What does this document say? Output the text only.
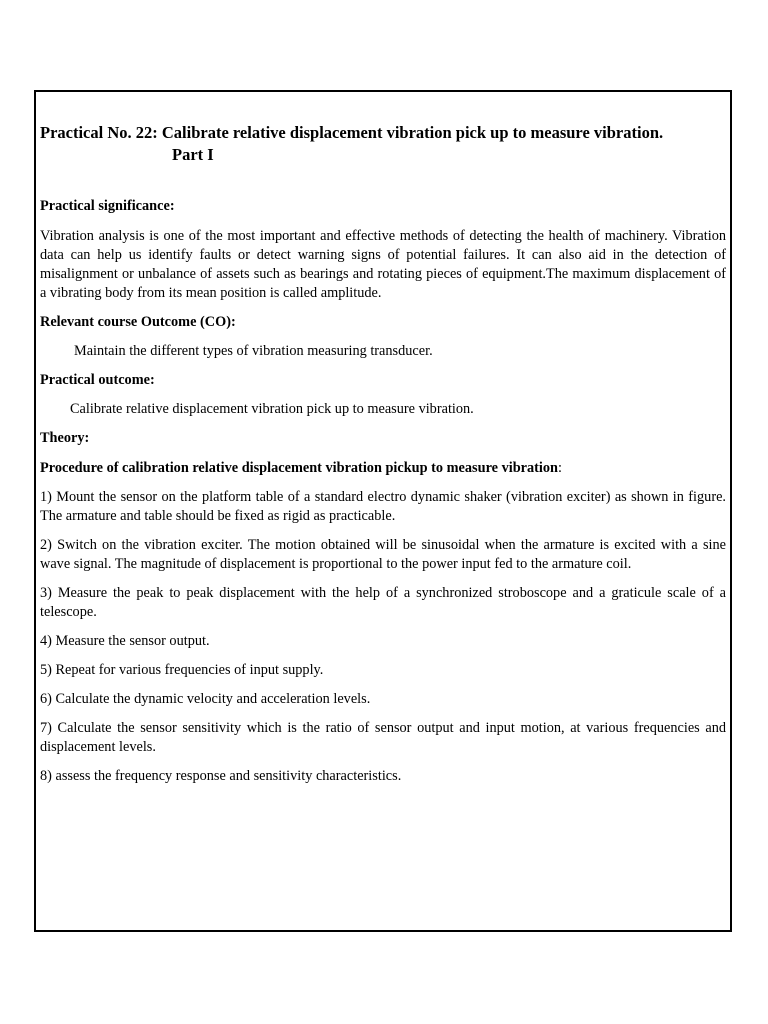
Practical No. 22: Calibrate relative displacement vibration pick up to measure vibration.
Part I

Practical significance:

Vibration analysis is one of the most important and effective methods of detecting the health of machinery. Vibration data can help us identify faults or detect warning signs of potential failures. It can also aid in the detection of misalignment or unbalance of assets such as bearings and rotating pieces of equipment.The maximum displacement of a vibrating body from its mean position is called amplitude.

Relevant course Outcome (CO):

Maintain the different types of vibration measuring transducer.

Practical outcome:

Calibrate relative displacement vibration pick up to measure vibration.

Theory:

Procedure of calibration relative displacement vibration pickup to measure vibration:

1) Mount the sensor on the platform table of a standard electro dynamic shaker (vibration exciter) as shown in figure. The armature and table should be fixed as rigid as practicable.

2) Switch on the vibration exciter. The motion obtained will be sinusoidal when the armature is excited with a sine wave signal. The magnitude of displacement is proportional to the power input fed to the armature coil.

3) Measure the peak to peak displacement with the help of a synchronized stroboscope and a graticule scale of a telescope.

4) Measure the sensor output.

5) Repeat for various frequencies of input supply.

6) Calculate the dynamic velocity and acceleration levels.

7) Calculate the sensor sensitivity which is the ratio of sensor output and input motion, at various frequencies and displacement levels.

8) assess the frequency response and sensitivity characteristics.
